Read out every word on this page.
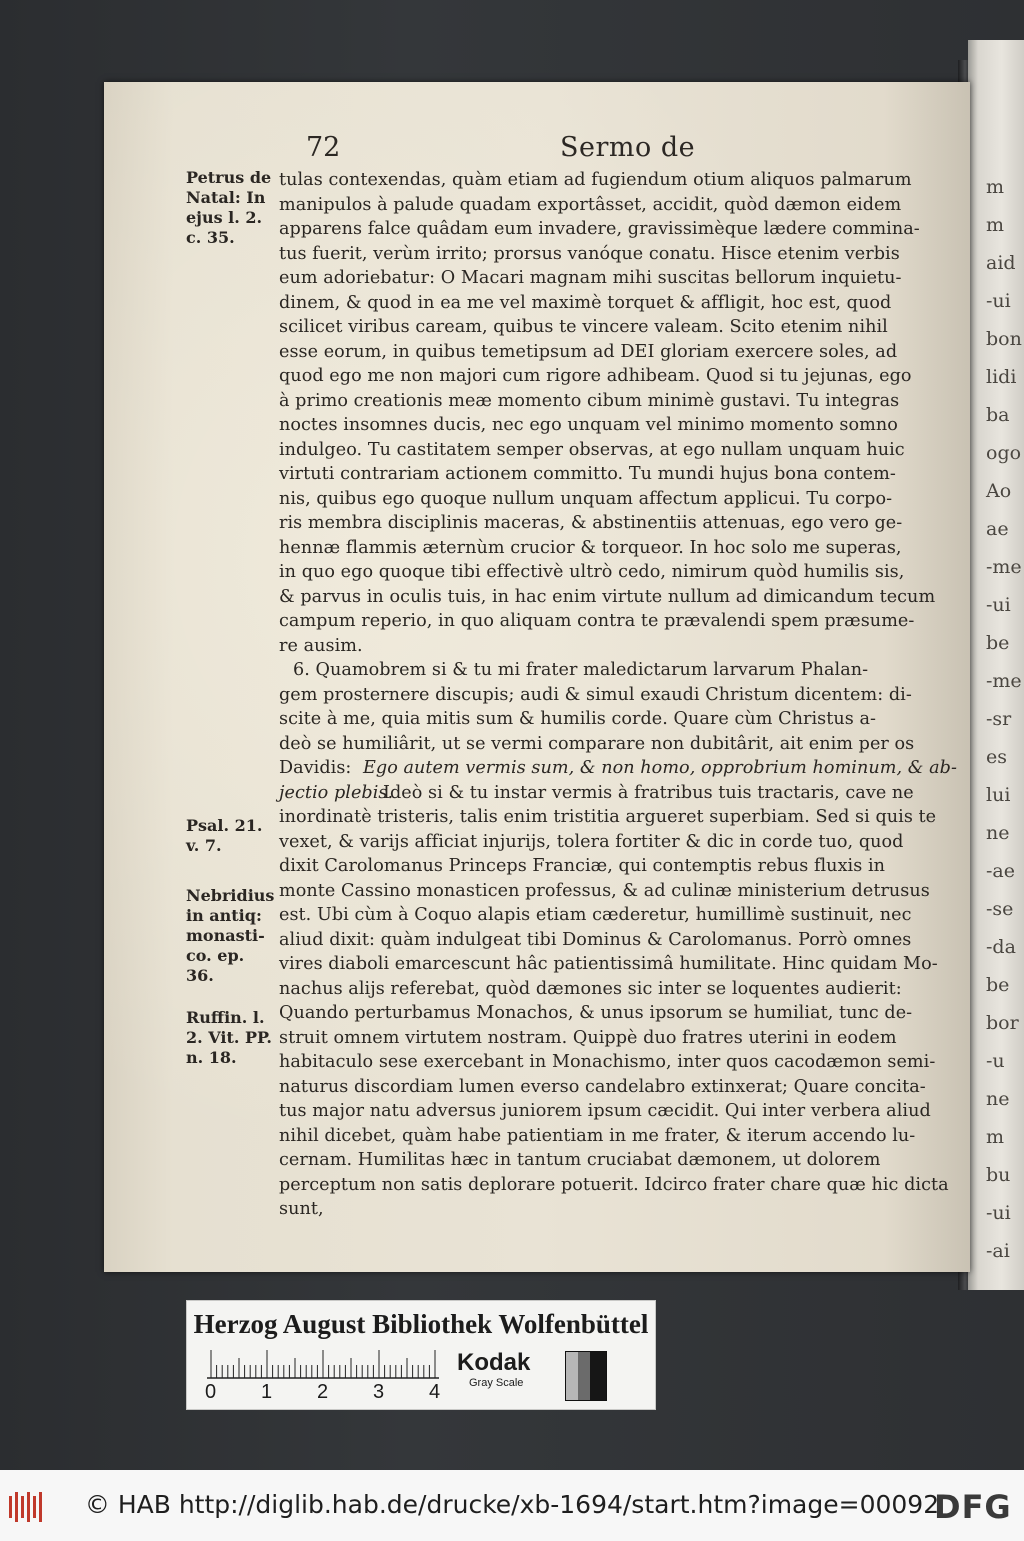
m
m
aid
-ui
bon
lidi
ba
ogo
Ao
ae
-me
-ui
be
-me
-sr
es
lui
ne
-ae
-se
-da
be
bor
-u
ne
m
bu
-ui
-ai
72	Sermo de
Petrus de
Natal: In
ejus l. 2.
c. 35.
Psal. 21.
v. 7.
Nebridius
in antiq:
monasti-
co. ep. 36.
Ruffin. l.
2. Vit. PP.
n. 18.
tulas contexendas, quàm etiam ad fugiendum otium aliquos palmarum
manipulos à palude quadam exportâsset, accidit, quòd dæmon eidem
apparens falce quâdam eum invadere, gravissimèque lædere commina-
tus fuerit, verùm irrito; prorsus vanóque conatu. Hisce etenim verbis
eum adoriebatur: O Macari magnam mihi suscitas bellorum inquietu-
dinem, & quod in ea me vel maximè torquet & affligit, hoc est, quod
scilicet viribus caream, quibus te vincere valeam. Scito etenim nihil
esse eorum, in quibus temetipsum ad DEI gloriam exercere soles, ad
quod ego me non majori cum rigore adhibeam. Quod si tu jejunas, ego
à primo creationis meæ momento cibum minimè gustavi. Tu integras
noctes insomnes ducis, nec ego unquam vel minimo momento somno
indulgeo. Tu castitatem semper observas, at ego nullam unquam huic
virtuti contrariam actionem committo. Tu mundi hujus bona contem-
nis, quibus ego quoque nullum unquam affectum applicui. Tu corpo-
ris membra disciplinis maceras, & abstinentiis attenuas, ego vero ge-
hennæ flammis æternùm crucior & torqueor. In hoc solo me superas,
in quo ego quoque tibi effectivè ultrò cedo, nimirum quòd humilis sis,
& parvus in oculis tuis, in hac enim virtute nullum ad dimicandum tecum
campum reperio, in quo aliquam contra te prævalendi spem præsume-
re ausim.
6. Quamobrem si & tu mi frater maledictarum larvarum Phalan-
gem prosternere discupis; audi & simul exaudi Christum dicentem: di-
scite à me, quia mitis sum & humilis corde. Quare cùm Christus a-
deò se humiliârit, ut se vermi comparare non dubitârit, ait enim per os
Davidis: Ego autem vermis sum, & non homo, opprobrium hominum, & ab-
jectio plebis.
Ideò si & tu instar vermis à fratribus tuis tractaris, cave ne
inordinatè tristeris, talis enim tristitia argueret superbiam. Sed si quis te
vexet, & varijs afficiat injurijs, tolera fortiter & dic in corde tuo, quod
dixit Carolomanus Princeps Franciæ, qui contemptis rebus fluxis in
monte Cassino monasticen professus, & ad culinæ ministerium detrusus
est. Ubi cùm à Coquo alapis etiam cæderetur, humillimè sustinuit, nec
aliud dixit: quàm indulgeat tibi Dominus & Carolomanus. Porrò omnes
vires diaboli emarcescunt hâc patientissimâ humilitate. Hinc quidam Mo-
nachus alijs referebat, quòd dæmones sic inter se loquentes audierit:
Quando perturbamus Monachos, & unus ipsorum se humiliat, tunc de-
struit omnem virtutem nostram. Quippè duo fratres uterini in eodem
habitaculo sese exercebant in Monachismo, inter quos cacodæmon semi-
naturus discordiam lumen everso candelabro extinxerat; Quare concita-
tus major natu adversus juniorem ipsum cæcidit. Qui inter verbera aliud
nihil dicebet, quàm habe patientiam in me frater, & iterum accendo lu-
cernam. Humilitas hæc in tantum cruciabat dæmonem, ut dolorem
perceptum non satis deplorare potuerit. Idcirco frater chare quæ hic dicta
sunt,
Herzog August Bibliothek Wolfenbüttel
0 1 2 3 4
Kodak
Gray Scale
© HAB http://diglib.hab.de/drucke/xb-1694/start.htm?image=00092
DFG
